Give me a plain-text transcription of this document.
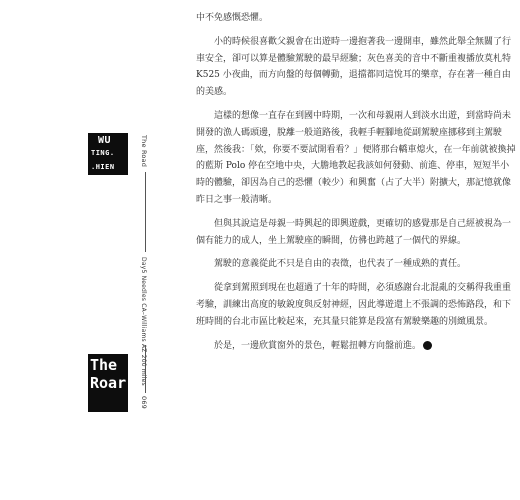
WU
TING.
.HIEN	The Road
Day5 Needles CA–Williams AZ 200 miles
069
The
Roar

中不免感慨恐懼。

小的時候很喜歡父親會在出遊時一邊抱著我一邊開車，雖然此舉全無關了行車安全，卻可以算是體驗駕駛的最早經驗；灰色喜美的音中不斷重複播放莫札特 K525 小夜曲，而方向盤的每個轉動，退擋都同這悅耳的樂章，存在著一種自由的美感。

這樣的想像一直存在到國中時期，一次和母親兩人到淡水出遊，到當時尚未開發的漁人碼頭邊，脫離一般道路後，我輕手輕腳地從副駕駛座挪移到主駕駛座，然後我：「欸，你要不要試開看看？」便將那台轎車熄火，在一年前就被換掉的藍斯 Polo 停在空地中央，大膽地教起我該如何發動、前進、停車，短短半小時的體驗，卻因為自己的恐懼（較少）和興奮（占了大半）附擴大，那記憶就像昨日之事一般清晰。

但與其說這是母親一時興起的即興遊戲，更確切的感覺那是自己經被視為一個有能力的成人，坐上駕駛座的瞬間，仿彿也跨越了一個代的界線。

駕駛的意義從此不只是自由的表徵，也代表了一種成熟的責任。

從拿到駕照到現在也超過了十年的時間，必須感謝台北混亂的交稱得我重重考驗，訓練出高度的敏銳度與反射神經，因此導遊還上不張調的恐怖路段，和下班時間的台北市區比較起來，充其量只能算是段富有駕駛樂趣的別緻風景。

於是，一邊欣賞窗外的景色，輕鬆扭轉方向盤前進。	→
